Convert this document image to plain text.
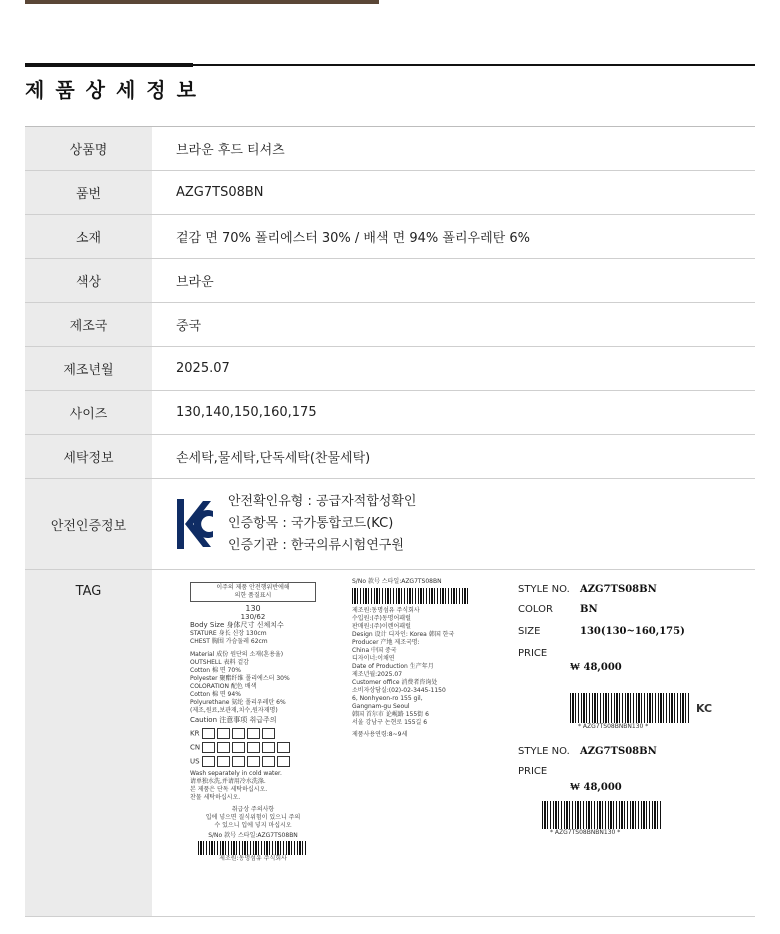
제품상세정보
상품명	브라운 후드 티셔츠
품번	AZG7TS08BN
소재	겉감 면 70% 폴리에스터 30% / 배색 면 94% 폴리우레탄 6%
색상	브라운
제조국	중국
제조년월	2025.07
사이즈	130,140,150,160,175
세탁정보	손세탁,물세탁,단독세탁(찬물세탁)
안전인증정보
안전확인유형 : 공급자적합성확인
인증항목 : 국가통합코드(KC)
인증기관 : 한국의류시험연구원
TAG	이주의 제품 안전행위반에해
의한 품질표시
130
130/62
Body Size 身体尺寸 신체치수
STATURE 身长 신장 130cm
CHEST 胸围 가슴둘레 62cm
Material 成份 원단의 소재(혼용율)
OUTSHELL 表料 겉감
Cotton 棉 면 70%
Polyester 聚酯纤维 폴리에스터 30%
COLORATION 配色 배색
Cotton 棉 면 94%
Polyurethane 氨纶 폴리우레탄 6%
(제조,원료,보관재,치수,원자재명)
Caution 注意事项 취급주의
KR
CN
US
Wash separately in cold water.
请单独水洗,并请用冷水洗涤.
본 제품은 단독 세탁하십시오.
찬물 세탁하십시오.
취급상 주의사항
입에 넣으면 질식위험이 있으니 주의
수 있으니 입에 넣지 마십시오
S/No 款号 스타일:AZG7TS08BN
제조원:동명섬유 주식회사
S/No 款号 스타일:AZG7TS08BN
제조원:동명섬유 주식회사
수입원:(주)동명어패럴
판매원:(주)이렌어패럴
Design 设计 디자인: Korea 韩国 한국
Producer 产地 제조국명:
China 中国 중국
디자이너:이채연
Date of Production 生产年月
제조년월:2025.07
Customer office 消费者咨询处
소비자상담실:(02)-02-3445-1150
6, Nonhyeon-ro 155 gil,
Gangnam-gu Seoul
韩国 首尔市 论岘路 155街 6
서울 강남구 논현로 155길 6
제품사용연령:8~9세
STYLE NO. AZG7TS08BN
COLOR	BN
SIZE	130(130~160,175)
PRICE
₩ 48,000
KC
* AZG7TS08BNBN130 *
STYLE NO. AZG7TS08BN
PRICE
₩ 48,000
* AZG7TS08BNBN130 *
